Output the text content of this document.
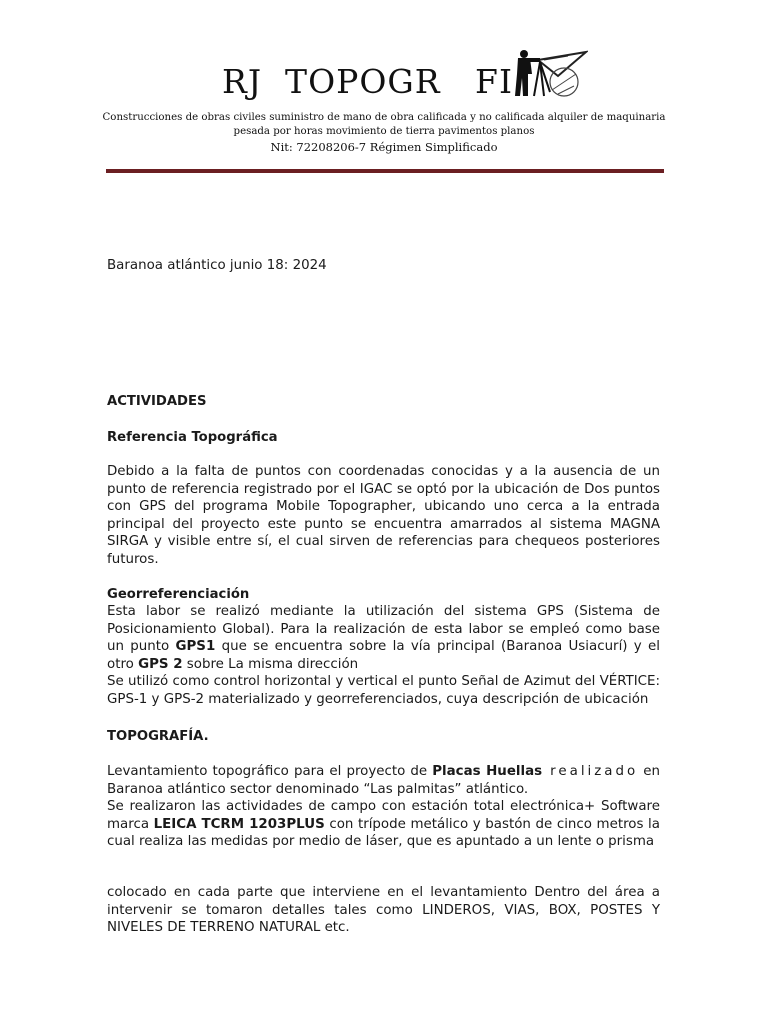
RJ  TOPOGR   FI
Construcciones de obras civiles suministro de mano de obra calificada y no calificada alquiler de maquinaria
pesada por horas movimiento de tierra pavimentos planos
Nit: 72208206-7 Régimen Simplificado
Baranoa atlántico junio 18: 2024
ACTIVIDADES
Referencia Topográfica
Debido a la falta de puntos con coordenadas conocidas y a la ausencia de un punto de referencia registrado por el IGAC se optó por la ubicación de Dos puntos con GPS del programa Mobile Topographer, ubicando uno cerca a la entrada principal del proyecto este punto se encuentra amarrados al sistema MAGNA SIRGA y visible entre sí, el cual sirven de referencias para chequeos posteriores futuros.
Georreferenciación
Esta labor se realizó mediante la utilización del sistema GPS (Sistema de Posicionamiento Global). Para la realización de esta labor se empleó como base un punto GPS1 que se encuentra sobre la vía principal (Baranoa Usiacurí) y el otro GPS 2 sobre La misma dirección
Se utilizó como control horizontal y vertical el punto Señal de Azimut del VÉRTICE: GPS-1 y GPS-2 materializado y georreferenciados, cuya descripción de ubicación
TOPOGRAFÍA.
Levantamiento topográfico para el proyecto de Placas Huellas realizado en Baranoa atlántico sector denominado “Las palmitas” atlántico.
Se realizaron las actividades de campo con estación total electrónica+ Software marca LEICA TCRM 1203PLUS con trípode metálico y bastón de cinco metros la cual realiza las medidas por medio de láser, que es apuntado a un lente o prisma
colocado en cada parte que interviene en el levantamiento Dentro del área a intervenir se tomaron detalles tales como LINDEROS, VIAS, BOX, POSTES Y NIVELES DE TERRENO NATURAL etc.
